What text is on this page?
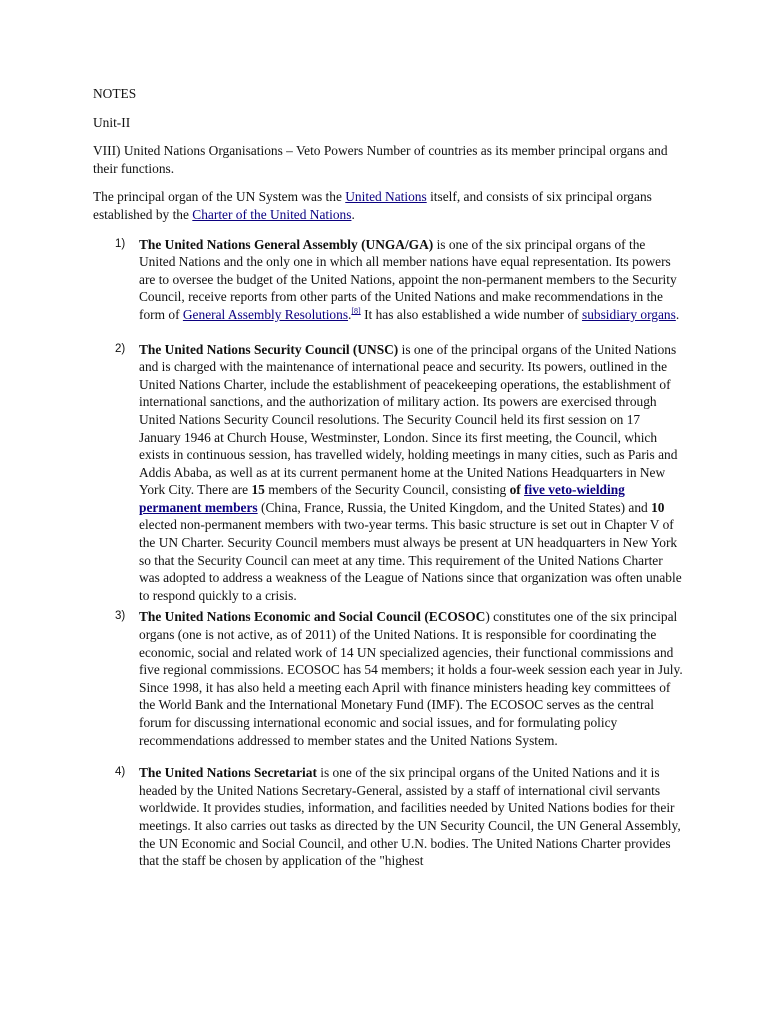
NOTES

Unit-II

VIII) United Nations Organisations – Veto Powers Number of countries as its member principal organs and their functions.

The principal organ of the UN System was the United Nations itself, and consists of six principal organs established by the Charter of the United Nations.

1) The United Nations General Assembly (UNGA/GA) is one of the six principal organs of the United Nations and the only one in which all member nations have equal representation. Its powers are to oversee the budget of the United Nations, appoint the non-permanent members to the Security Council, receive reports from other parts of the United Nations and make recommendations in the form of General Assembly Resolutions.[8] It has also established a wide number of subsidiary organs.
2) The United Nations Security Council (UNSC) is one of the principal organs of the United Nations and is charged with the maintenance of international peace and security. Its powers, outlined in the United Nations Charter, include the establishment of peacekeeping operations, the establishment of international sanctions, and the authorization of military action. Its powers are exercised through United Nations Security Council resolutions. The Security Council held its first session on 17 January 1946 at Church House, Westminster, London. Since its first meeting, the Council, which exists in continuous session, has travelled widely, holding meetings in many cities, such as Paris and Addis Ababa, as well as at its current permanent home at the United Nations Headquarters in New York City. There are 15 members of the Security Council, consisting of five veto-wielding permanent members (China, France, Russia, the United Kingdom, and the United States) and 10 elected non-permanent members with two-year terms. This basic structure is set out in Chapter V of the UN Charter. Security Council members must always be present at UN headquarters in New York so that the Security Council can meet at any time. This requirement of the United Nations Charter was adopted to address a weakness of the League of Nations since that organization was often unable to respond quickly to a crisis.
3) The United Nations Economic and Social Council (ECOSOC) constitutes one of the six principal organs (one is not active, as of 2011) of the United Nations. It is responsible for coordinating the economic, social and related work of 14 UN specialized agencies, their functional commissions and five regional commissions. ECOSOC has 54 members; it holds a four-week session each year in July. Since 1998, it has also held a meeting each April with finance ministers heading key committees of the World Bank and the International Monetary Fund (IMF). The ECOSOC serves as the central forum for discussing international economic and social issues, and for formulating policy recommendations addressed to member states and the United Nations System.
4) The United Nations Secretariat is one of the six principal organs of the United Nations and it is headed by the United Nations Secretary-General, assisted by a staff of international civil servants worldwide. It provides studies, information, and facilities needed by United Nations bodies for their meetings. It also carries out tasks as directed by the UN Security Council, the UN General Assembly, the UN Economic and Social Council, and other U.N. bodies. The United Nations Charter provides that the staff be chosen by application of the "highest
